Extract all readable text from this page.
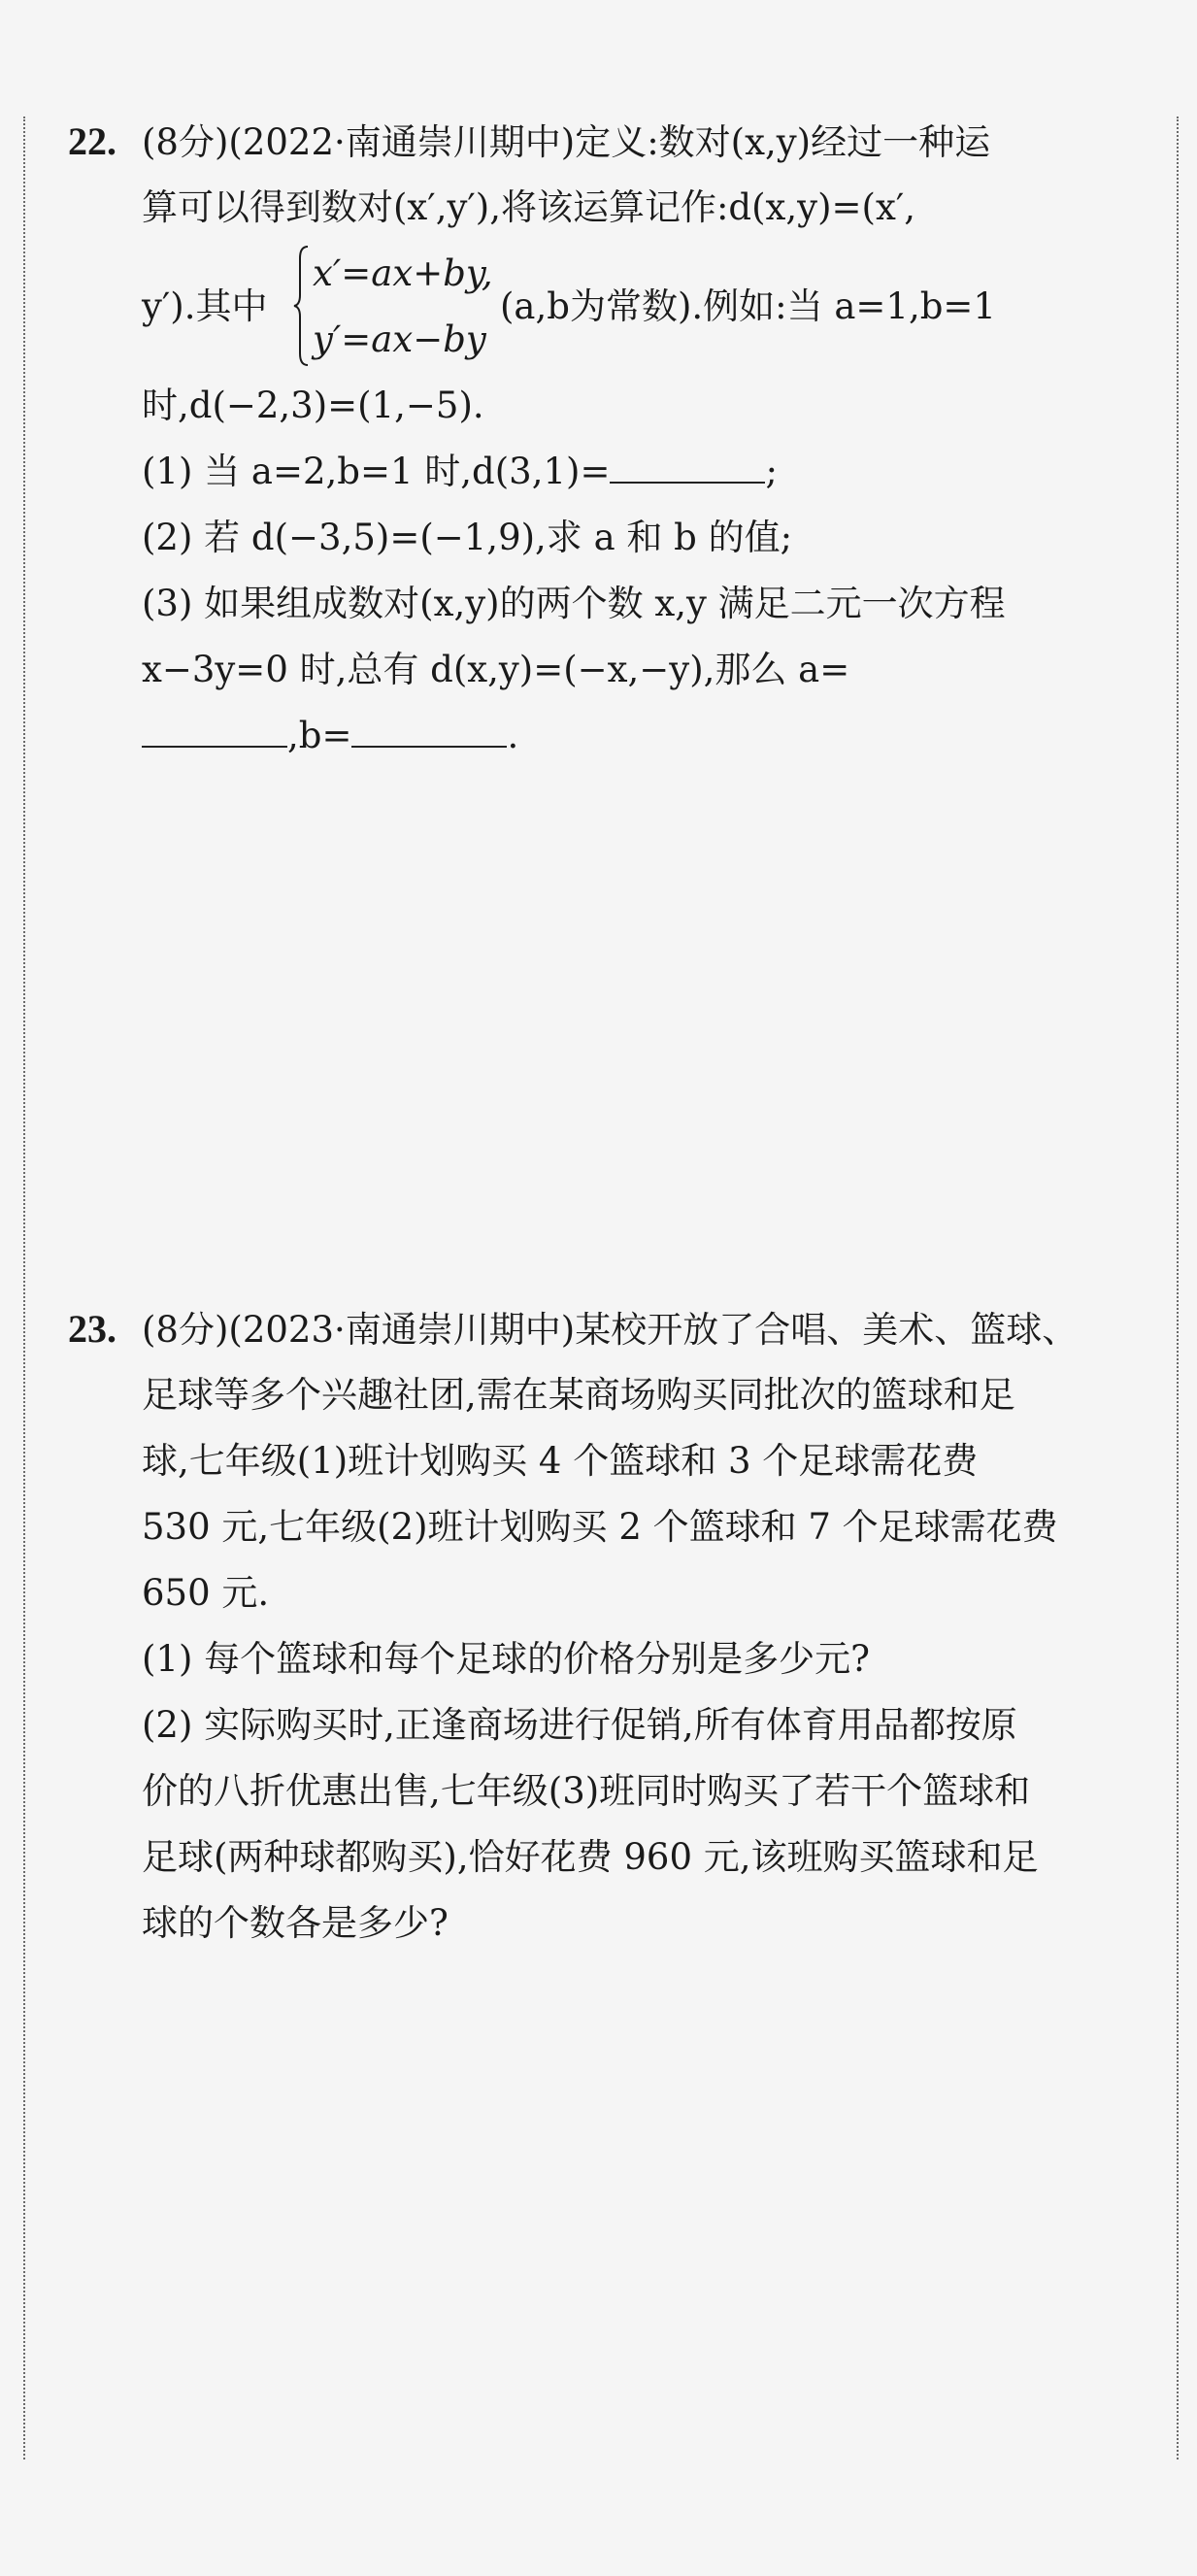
22. (8分)(2022·南通崇川期中)定义:数对(x,y)经过一种运
算可以得到数对(x′,y′),将该运算记作:d(x,y)=(x′,
y′).其中
x′=ax+by,
y′=ax−by
(a,b为常数).例如:当 a=1,b=1
时,d(−2,3)=(1,−5).
(1) 当 a=2,b=1 时,d(3,1)=	;
(2) 若 d(−3,5)=(−1,9),求 a 和 b 的值;
(3) 如果组成数对(x,y)的两个数 x,y 满足二元一次方程
x−3y=0 时,总有 d(x,y)=(−x,−y),那么 a=
,b=	.
23. (8分)(2023·南通崇川期中)某校开放了合唱、美术、篮球、
足球等多个兴趣社团,需在某商场购买同批次的篮球和足
球,七年级(1)班计划购买 4 个篮球和 3 个足球需花费
530 元,七年级(2)班计划购买 2 个篮球和 7 个足球需花费
650 元.
(1) 每个篮球和每个足球的价格分别是多少元?
(2) 实际购买时,正逢商场进行促销,所有体育用品都按原
价的八折优惠出售,七年级(3)班同时购买了若干个篮球和
足球(两种球都购买),恰好花费 960 元,该班购买篮球和足
球的个数各是多少?
